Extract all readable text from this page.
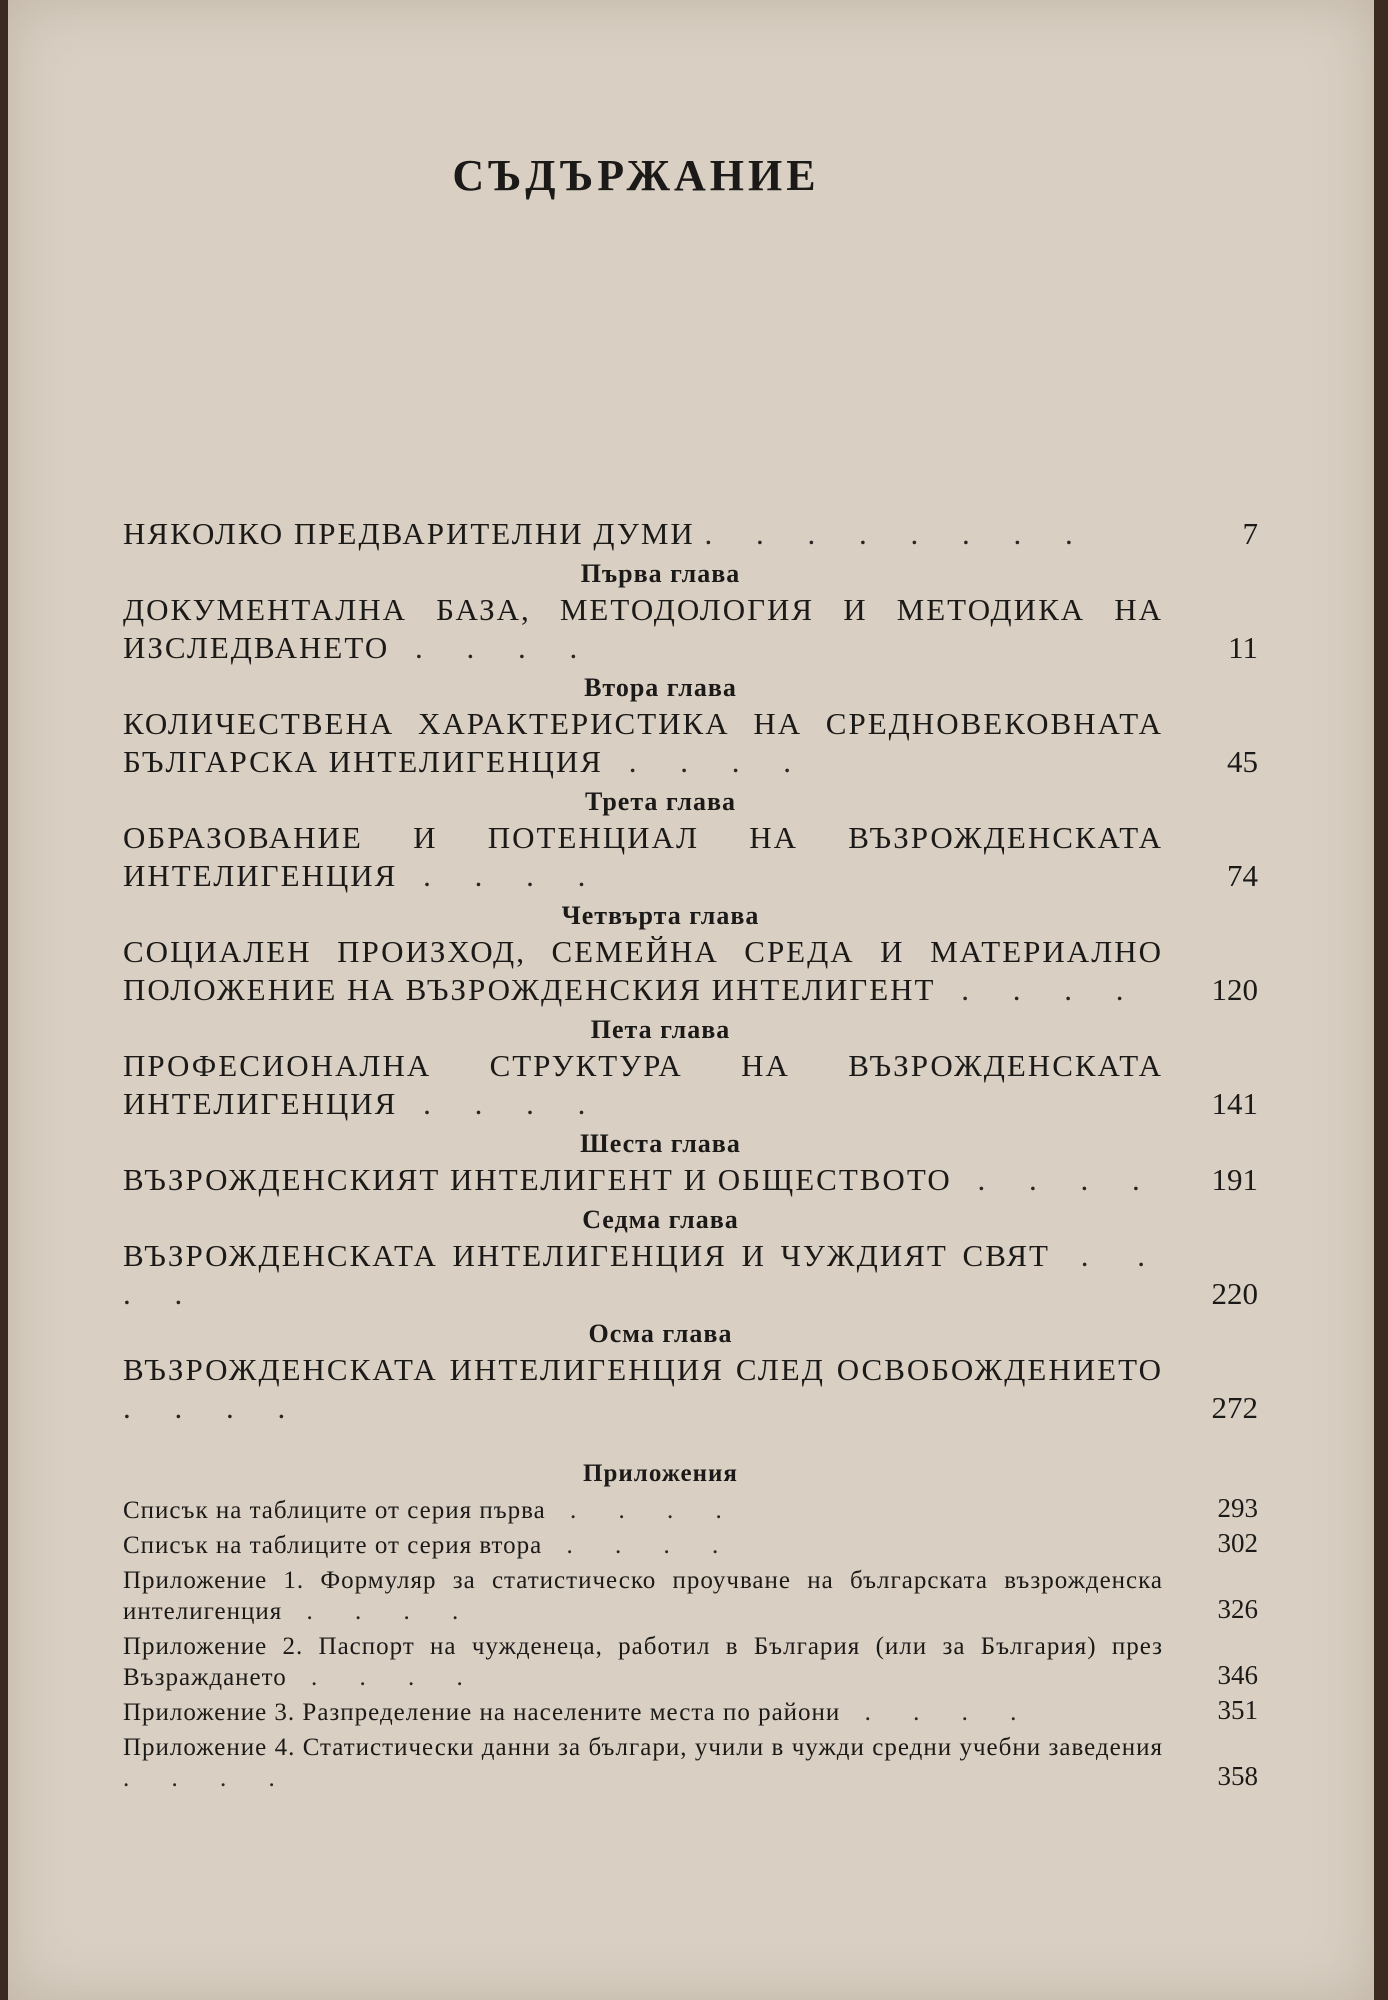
СЪДЪРЖАНИЕ
НЯКОЛКО ПРЕДВАРИТЕЛНИ ДУМИ . . . . . . . .	7
Първа глава
ДОКУМЕНТАЛНА БАЗА, МЕТОДОЛОГИЯ И МЕТОДИКА НА ИЗСЛЕДВАНЕТО . . . .	11
Втора глава
КОЛИЧЕСТВЕНА ХАРАКТЕРИСТИКА НА СРЕДНОВЕКОВНАТА БЪЛГАРСКА ИНТЕЛИГЕНЦИЯ . . . .	45
Трета глава
ОБРАЗОВАНИЕ И ПОТЕНЦИАЛ НА ВЪЗРОЖДЕНСКАТА ИНТЕЛИГЕНЦИЯ . . . .	74
Четвърта глава
СОЦИАЛЕН ПРОИЗХОД, СЕМЕЙНА СРЕДА И МАТЕРИАЛНО ПОЛОЖЕНИЕ НА ВЪЗРОЖДЕНСКИЯ ИНТЕЛИГЕНТ . . . .	120
Пета глава
ПРОФЕСИОНАЛНА СТРУКТУРА НА ВЪЗРОЖДЕНСКАТА ИНТЕЛИГЕНЦИЯ . . . .	141
Шеста глава
ВЪЗРОЖДЕНСКИЯТ ИНТЕЛИГЕНТ И ОБЩЕСТВОТО . . . .	191
Седма глава
ВЪЗРОЖДЕНСКАТА ИНТЕЛИГЕНЦИЯ И ЧУЖДИЯТ СВЯТ . . . .	220
Осма глава
ВЪЗРОЖДЕНСКАТА ИНТЕЛИГЕНЦИЯ СЛЕД ОСВОБОЖДЕНИЕТО . . . .	272
Приложения
Списък на таблиците от серия първа . . . .	293
Списък на таблиците от серия втора . . . .	302
Приложение 1. Формуляр за статистическо проучване на българската възрожденска интелигенция . . . .	326
Приложение 2. Паспорт на чужденеца, работил в България (или за България) през Възраждането . . . .	346
Приложение 3. Разпределение на населените места по райони . . . .	351
Приложение 4. Статистически данни за българи, учили в чужди средни учебни заведения . . . .	358
